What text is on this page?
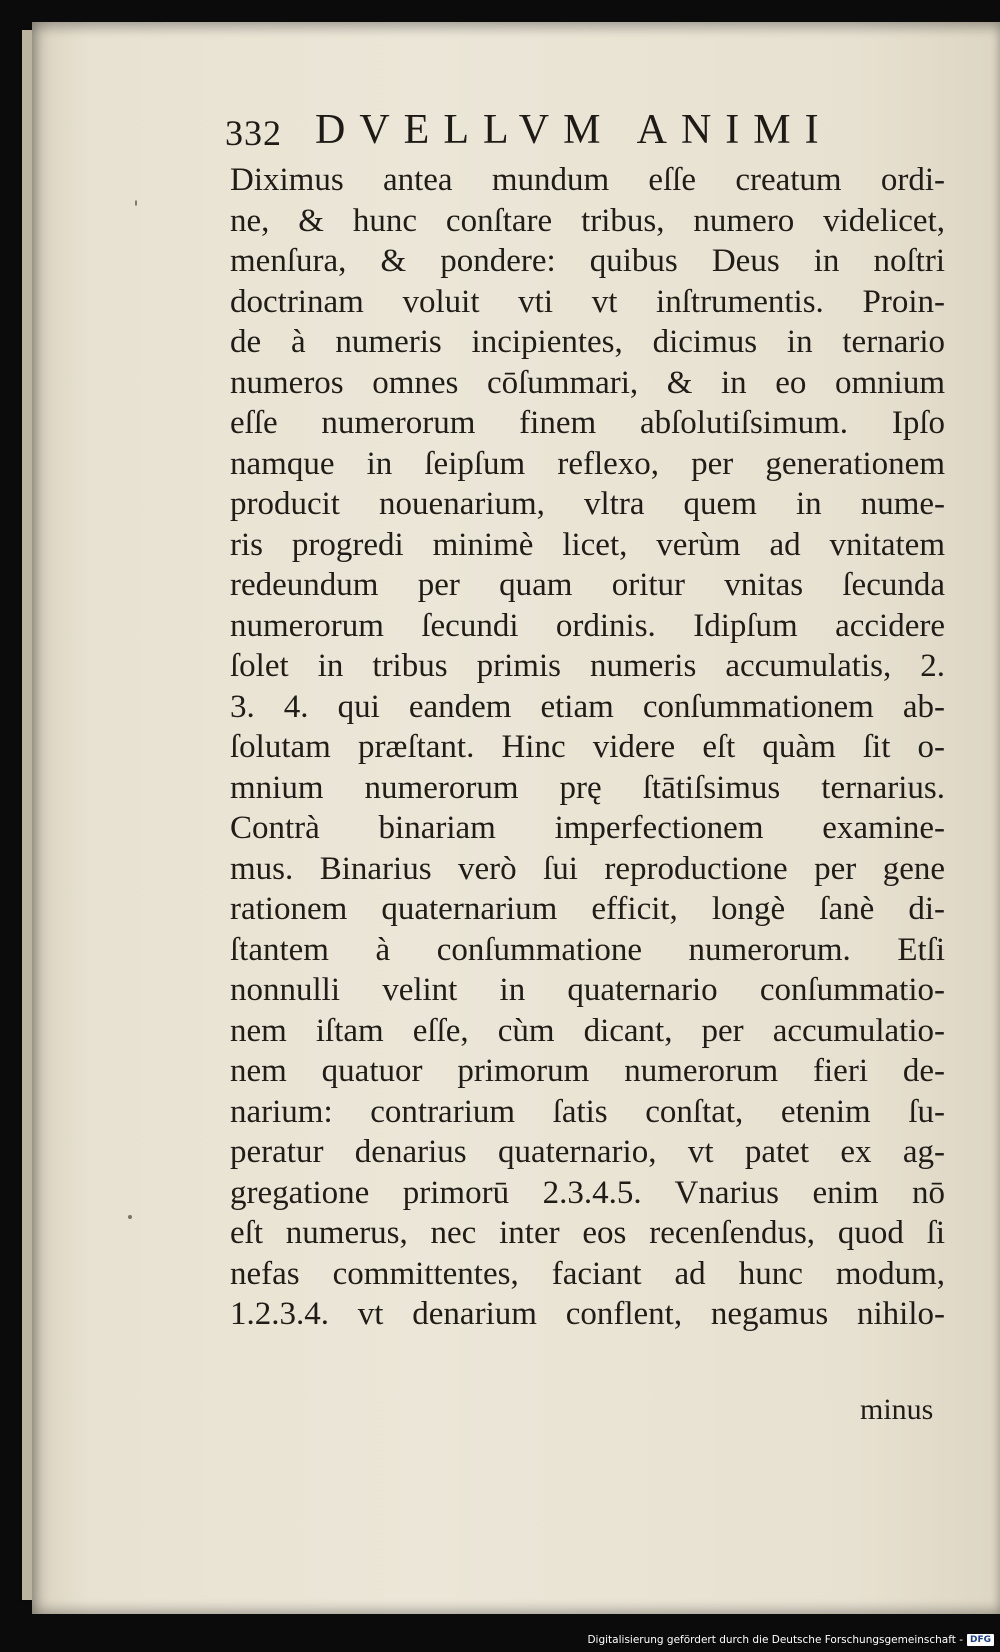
332 DVELLVM ANIMI
Diximus antea mundum eſſe creatum ordi-
ne, & hunc conſtare tribus, numero videlicet,
menſura, & pondere: quibus Deus in noſtri
doctrinam voluit vti vt inſtrumentis. Proin-
de à numeris incipientes, dicimus in ternario
numeros omnes cōſummari, & in eo omnium
eſſe numerorum finem abſolutiſsimum. Ipſo
namque in ſeipſum reflexo, per generationem
producit nouenarium, vltra quem in nume-
ris progredi minimè licet, verùm ad vnitatem
redeundum per quam oritur vnitas ſecunda
numerorum ſecundi ordinis. Idipſum accidere
ſolet in tribus primis numeris accumulatis, 2.
3. 4. qui eandem etiam conſummationem ab-
ſolutam præſtant. Hinc videre eſt quàm ſit o-
mnium numerorum prę ſtātiſsimus ternarius.
Contrà binariam imperfectionem examine-
mus. Binarius verò ſui reproductione per gene
rationem quaternarium efficit, longè ſanè di-
ſtantem à conſummatione numerorum. Etſi
nonnulli velint in quaternario conſummatio-
nem iſtam eſſe, cùm dicant, per accumulatio-
nem quatuor primorum numerorum fieri de-
narium: contrarium ſatis conſtat, etenim ſu-
peratur denarius quaternario, vt patet ex ag-
gregatione primorū 2.3.4.5. Vnarius enim nō
eſt numerus, nec inter eos recenſendus, quod ſi
nefas committentes, faciant ad hunc modum,
1.2.3.4. vt denarium conflent, negamus nihilo-
minus
Digitalisierung gefördert durch die Deutsche Forschungsgemeinschaft - DFG
